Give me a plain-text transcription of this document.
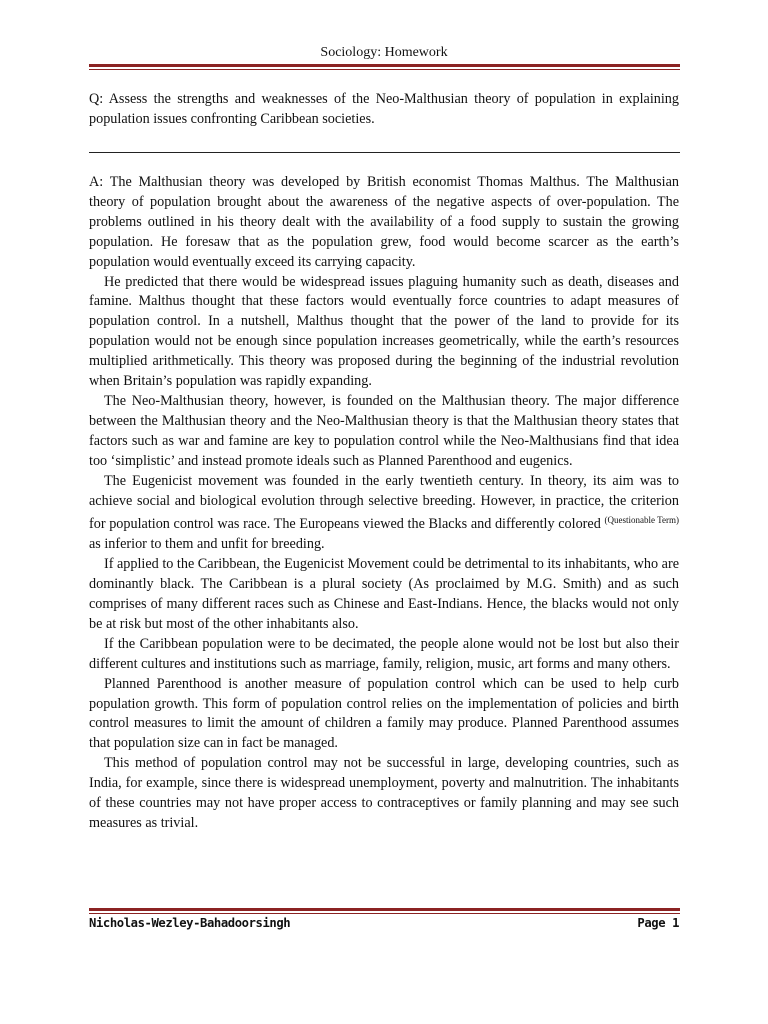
Sociology: Homework
Q: Assess the strengths and weaknesses of the Neo-Malthusian theory of population in explaining population issues confronting Caribbean societies.

A: The Malthusian theory was developed by British economist Thomas Malthus. The Malthusian theory of population brought about the awareness of the negative aspects of over-population. The problems outlined in his theory dealt with the availability of a food supply to sustain the growing population. He foresaw that as the population grew, food would become scarcer as the earth’s population would eventually exceed its carrying capacity.

He predicted that there would be widespread issues plaguing humanity such as death, diseases and famine. Malthus thought that these factors would eventually force countries to adapt measures of population control. In a nutshell, Malthus thought that the power of the land to provide for its population would not be enough since population increases geometrically, while the earth’s resources multiplied arithmetically. This theory was proposed during the beginning of the industrial revolution when Britain’s population was rapidly expanding.

The Neo-Malthusian theory, however, is founded on the Malthusian theory. The major difference between the Malthusian theory and the Neo-Malthusian theory is that the Malthusian theory states that factors such as war and famine are key to population control while the Neo-Malthusians find that idea too ‘simplistic’ and instead promote ideals such as Planned Parenthood and eugenics.

The Eugenicist movement was founded in the early twentieth century. In theory, its aim was to achieve social and biological evolution through selective breeding. However, in practice, the criterion for population control was race. The Europeans viewed the Blacks and differently colored $^{(Questionable Term)}$ as inferior to them and unfit for breeding.

If applied to the Caribbean, the Eugenicist Movement could be detrimental to its inhabitants, who are dominantly black. The Caribbean is a plural society (As proclaimed by M.G. Smith) and as such comprises of many different races such as Chinese and East-Indians. Hence, the blacks would not only be at risk but most of the other inhabitants also.

If the Caribbean population were to be decimated, the people alone would not be lost but also their different cultures and institutions such as marriage, family, religion, music, art forms and many others.

Planned Parenthood is another measure of population control which can be used to help curb population growth. This form of population control relies on the implementation of policies and birth control measures to limit the amount of children a family may produce. Planned Parenthood assumes that population size can in fact be managed.

This method of population control may not be successful in large, developing countries, such as India, for example, since there is widespread unemployment, poverty and malnutrition. The inhabitants of these countries may not have proper access to contraceptives or family planning and may see such measures as trivial.

Nicholas-Wezley-Bahadoorsingh	Page 1
